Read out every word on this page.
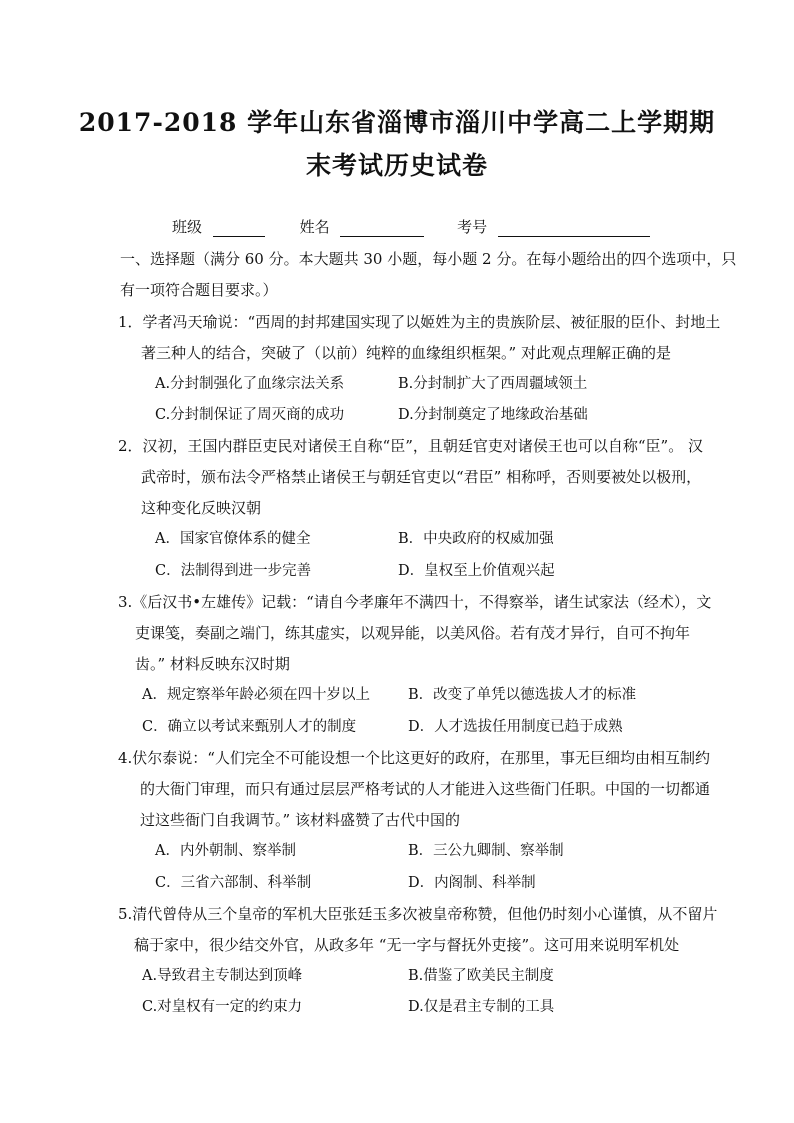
2017-2018 学年山东省淄博市淄川中学高二上学期期
末考试历史试卷
班级	姓名	考号
一、选择题（满分 60 分。本大题共 30 小题，每小题 2 分。在每小题给出的四个选项中，只
有一项符合题目要求。）
1．学者冯天瑜说：“西周的封邦建国实现了以姬姓为主的贵族阶层、被征服的臣仆、封地土
著三种人的结合，突破了（以前）纯粹的血缘组织框架。” 对此观点理解正确的是
A.分封制强化了血缘宗法关系	B.分封制扩大了西周疆域领土
C.分封制保证了周灭商的成功	D.分封制奠定了地缘政治基础
2．汉初，王国内群臣吏民对诸侯王自称“臣”，且朝廷官吏对诸侯王也可以自称“臣”。 汉
武帝时，颁布法令严格禁止诸侯王与朝廷官吏以“君臣” 相称呼，否则要被处以极刑，
这种变化反映汉朝
A．国家官僚体系的健全	B．中央政府的权威加强
C．法制得到进一步完善	D．皇权至上价值观兴起
3.《后汉书•左雄传》记载：“请自今孝廉年不满四十，不得察举，诸生试家法（经术），文
吏课笺，奏副之端门，练其虚实，以观异能，以美风俗。若有茂才异行，自可不拘年
齿。” 材料反映东汉时期
A．规定察举年龄必须在四十岁以上	B．改变了单凭以德选拔人才的标准
C．确立以考试来甄别人才的制度	D．人才选拔任用制度已趋于成熟
4.伏尔泰说：“人们完全不可能设想一个比这更好的政府，在那里，事无巨细均由相互制约
的大衙门审理，而只有通过层层严格考试的人才能进入这些衙门任职。中国的一切都通
过这些衙门自我调节。” 该材料盛赞了古代中国的
A．内外朝制、察举制	B．三公九卿制、察举制
C．三省六部制、科举制	D．内阁制、科举制
5.清代曾侍从三个皇帝的军机大臣张廷玉多次被皇帝称赞，但他仍时刻小心谨慎，从不留片
稿于家中，很少结交外官，从政多年 “无一字与督抚外吏接”。这可用来说明军机处
A.导致君主专制达到顶峰	B.借鉴了欧美民主制度
C.对皇权有一定的约束力	D.仅是君主专制的工具
